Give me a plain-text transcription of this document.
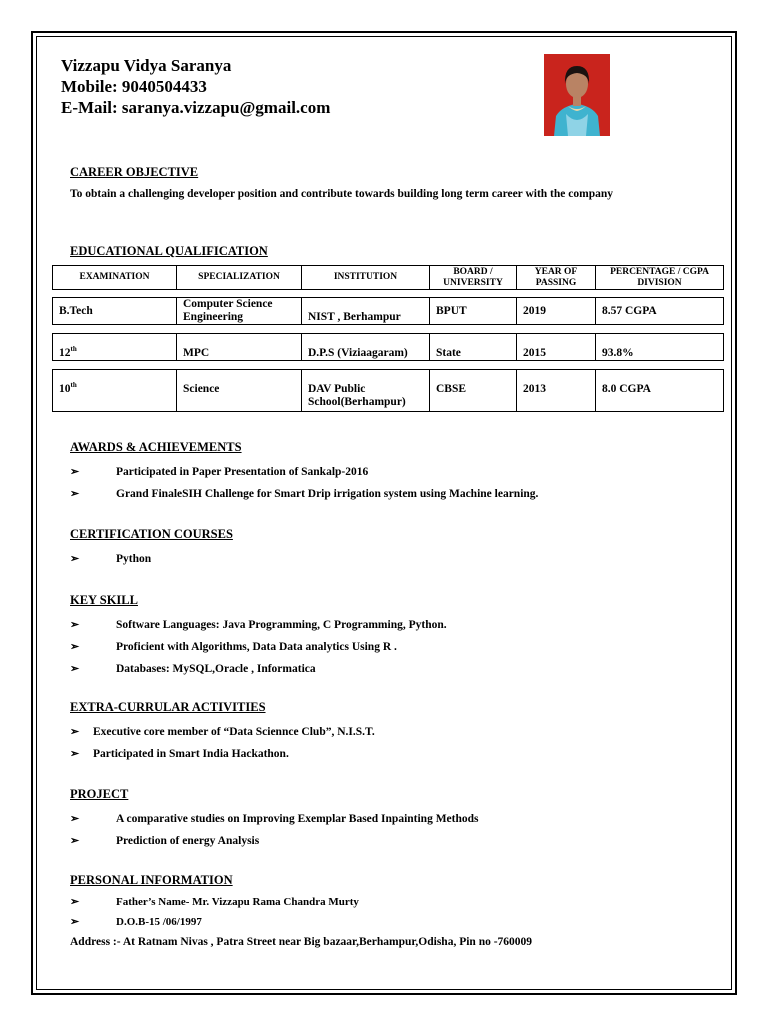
Vizzapu Vidya Saranya
Mobile: 9040504433
E-Mail: saranya.vizzapu@gmail.com

CAREER OBJECTIVE

To obtain a challenging developer position and contribute towards building long term career with the company

EDUCATIONAL QUALIFICATION

EXAMINATION	SPECIALIZATION	INSTITUTION	BOARD / UNIVERSITY	YEAR OF PASSING	PERCENTAGE / CGPA DIVISION
B.Tech	Computer Science Engineering	NIST , Berhampur	BPUT	2019	8.57 CGPA
12th	MPC	D.P.S (Viziaagaram)	State	2015	93.8%
10th	Science	DAV Public School(Berhampur)	CBSE	2013	8.0 CGPA

AWARDS & ACHIEVEMENTS

➢	Participated in Paper Presentation of Sankalp-2016
➢	Grand FinaleSIH Challenge for Smart Drip irrigation system using Machine learning.

CERTIFICATION COURSES

➢	Python

KEY SKILL

➢	Software Languages: Java Programming, C Programming, Python.
➢	Proficient with Algorithms, Data Data analytics Using R .
➢	Databases: MySQL,Oracle , Informatica

EXTRA-CURRULAR ACTIVITIES

➢ Executive core member of “Data Sciennce Club”, N.I.S.T.
➢ Participated in Smart India Hackathon.

PROJECT

➢	A comparative studies on Improving Exemplar Based Inpainting Methods
➢	Prediction of energy Analysis

PERSONAL INFORMATION

➢	Father’s Name- Mr. Vizzapu Rama Chandra Murty
➢	D.O.B-15 /06/1997
Address :- At Ratnam Nivas , Patra Street near Big bazaar,Berhampur,Odisha, Pin no -760009
